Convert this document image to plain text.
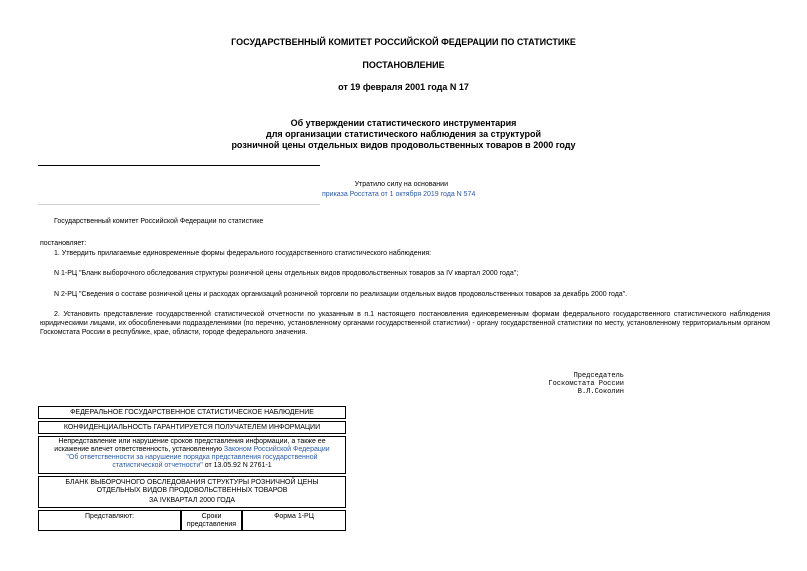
ГОСУДАРСТВЕННЫЙ КОМИТЕТ РОССИЙСКОЙ ФЕДЕРАЦИИ ПО СТАТИСТИКЕ
ПОСТАНОВЛЕНИЕ
от 19 февраля 2001 года N 17
Об утверждении статистического инструментария
для организации статистического наблюдения за структурой
розничной цены отдельных видов продовольственных товаров в 2000 году
Утратило силу на основании
приказа Росстата от 1 октября 2019 года N 574
Государственный комитет Российской Федерации по статистике
постановляет:
1. Утвердить прилагаемые единовременные формы федерального государственного статистического наблюдения:
N 1-РЦ "Бланк выборочного обследования структуры розничной цены отдельных видов продовольственных товаров за IV квартал 2000 года";
N 2-РЦ "Сведения о составе розничной цены и расходах организаций розничной торговли по реализации отдельных видов продовольственных товаров за декабрь 2000 года".
2. Установить представление государственной статистической отчетности по указанным в п.1 настоящего постановления единовременным формам федерального государственного статистического наблюдения юридическими лицами, их обособленными подразделениями (по перечню, установленному органами государственной статистики) - органу государственной статистики по месту, установленному территориальным органом Госкомстата России в республике, крае, области, городе федерального значения.
Председатель
Госкомстата России
В.Л.Соколин
ФЕДЕРАЛЬНОЕ ГОСУДАРСТВЕННОЕ СТАТИСТИЧЕСКОЕ НАБЛЮДЕНИЕ
КОНФИДЕНЦИАЛЬНОСТЬ ГАРАНТИРУЕТСЯ ПОЛУЧАТЕЛЕМ ИНФОРМАЦИИ
Непредставление или нарушение сроков представления информации, а также ее
искажение влечет ответственность, установленную Законом Российской Федерации
"Об ответственности за нарушение порядка представления государственной
статистической отчетности" от 13.05.92 N 2761-1
БЛАНК ВЫБОРОЧНОГО ОБСЛЕДОВАНИЯ СТРУКТУРЫ РОЗНИЧНОЙ ЦЕНЫ
ОТДЕЛЬНЫХ ВИДОВ ПРОДОВОЛЬСТВЕННЫХ ТОВАРОВ
ЗА IVКВАРТАЛ 2000 ГОДА
Представляют:	Сроки
представления
Форма 1-РЦ
